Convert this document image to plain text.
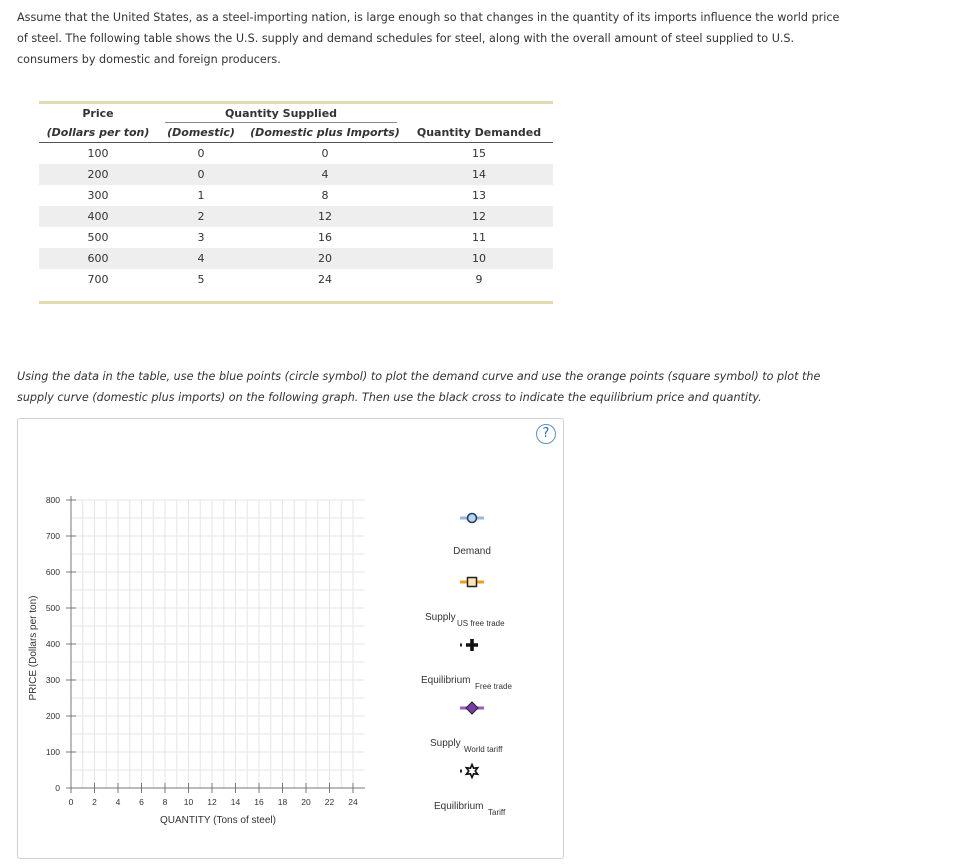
Assume that the United States, as a steel-importing nation, is large enough so that changes in the quantity of its imports influence the world price of steel. The following table shows the U.S. supply and demand schedules for steel, along with the overall amount of steel supplied to U.S. consumers by domestic and foreign producers.

Price	Quantity Supplied		
(Dollars per ton)	(Domestic)	(Domestic plus Imports)	Quantity Demanded
100	0	0	15
200	0	4	14
300	1	8	13
400	2	12	12
500	3	16	11
600	4	20	10
700	5	24	9

Using the data in the table, use the blue points (circle symbol) to plot the demand curve and use the orange points (square symbol) to plot the supply curve (domestic plus imports) on the following graph. Then use the black cross to indicate the equilibrium price and quantity.

?
0
100
200
300
400
500
600
700
800
0 2 4 6 8 10 12 14 16 18 20 22 24
QUANTITY (Tons of steel)
PRICE (Dollars per ton)
Demand
Supply
US free trade
Equilibrium
Free trade
Supply
World tariff
Equilibrium
Tariff
